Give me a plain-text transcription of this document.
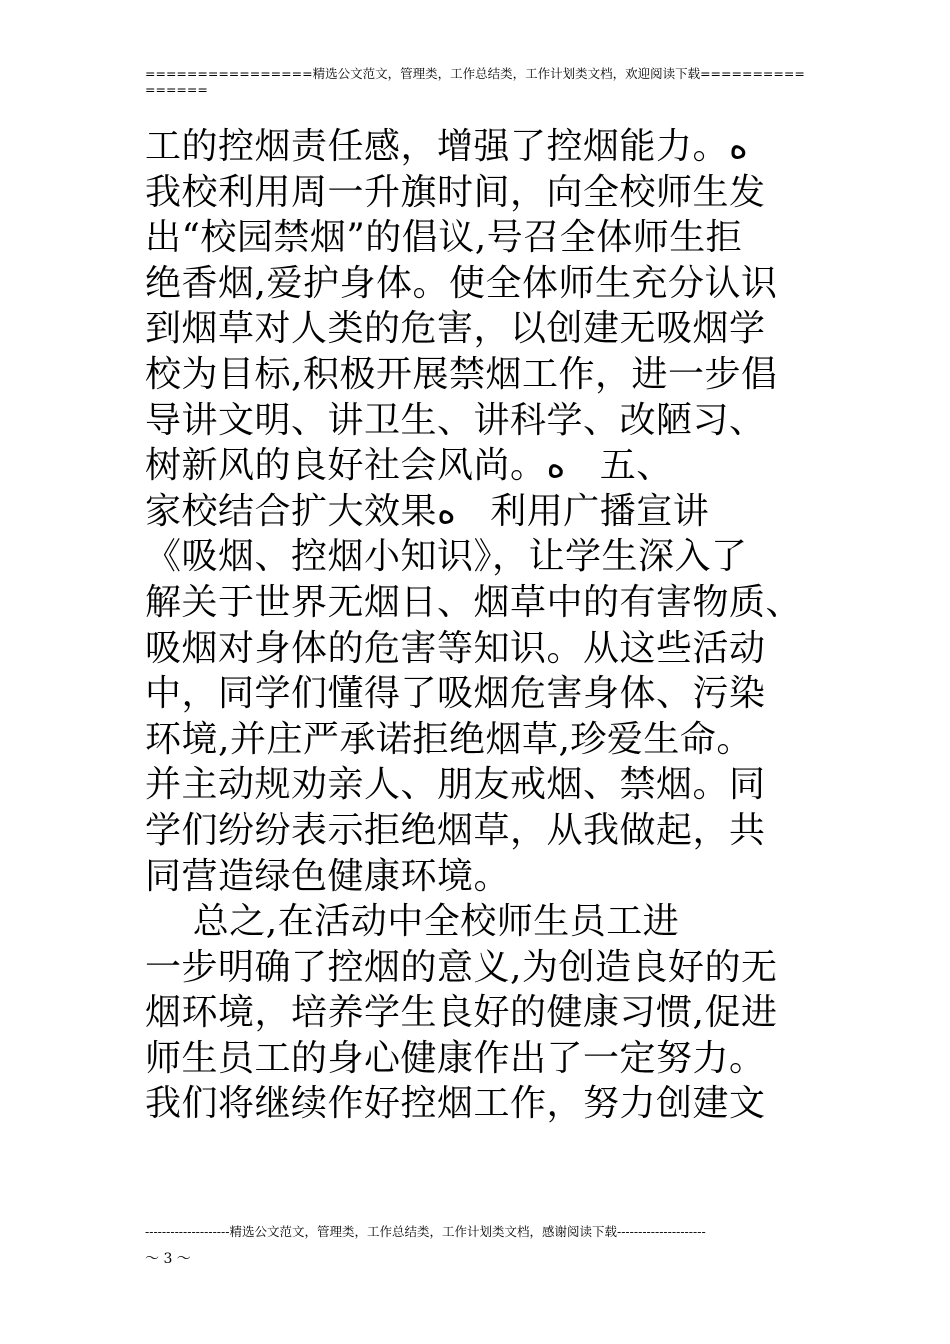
================精选公文范文，管理类，工作总结类，工作计划类文档，欢迎阅读下载================
工的控烟责任感，增强了控烟能力。ﻩ
我校利用周一升旗时间，向全校师生发
出“校园禁烟”的倡议,号召全体师生拒
绝香烟,爱护身体。使全体师生充分认识
到烟草对人类的危害，以创建无吸烟学
校为目标,积极开展禁烟工作，进一步倡
导讲文明、讲卫生、讲科学、改陋习、
树新风的良好社会风尚。ﻩ   五、
家校结合扩大效果ﻩ   利用广播宣讲
《吸烟、控烟小知识》，让学生深入了
解关于世界无烟日、烟草中的有害物质、
吸烟对身体的危害等知识。从这些活动
中，同学们懂得了吸烟危害身体、污染
环境,并庄严承诺拒绝烟草,珍爱生命。
并主动规劝亲人、朋友戒烟、禁烟。同
学们纷纷表示拒绝烟草，从我做起，共
同营造绿色健康环境。
总之,在活动中全校师生员工进
一步明确了控烟的意义,为创造良好的无
烟环境，培养学生良好的健康习惯,促进
师生员工的身心健康作出了一定努力。
我们将继续作好控烟工作，努力创建文
--------------------精选公文范文，管理类，工作总结类，工作计划类文档，感谢阅读下载---------------------
～ 3 ～
